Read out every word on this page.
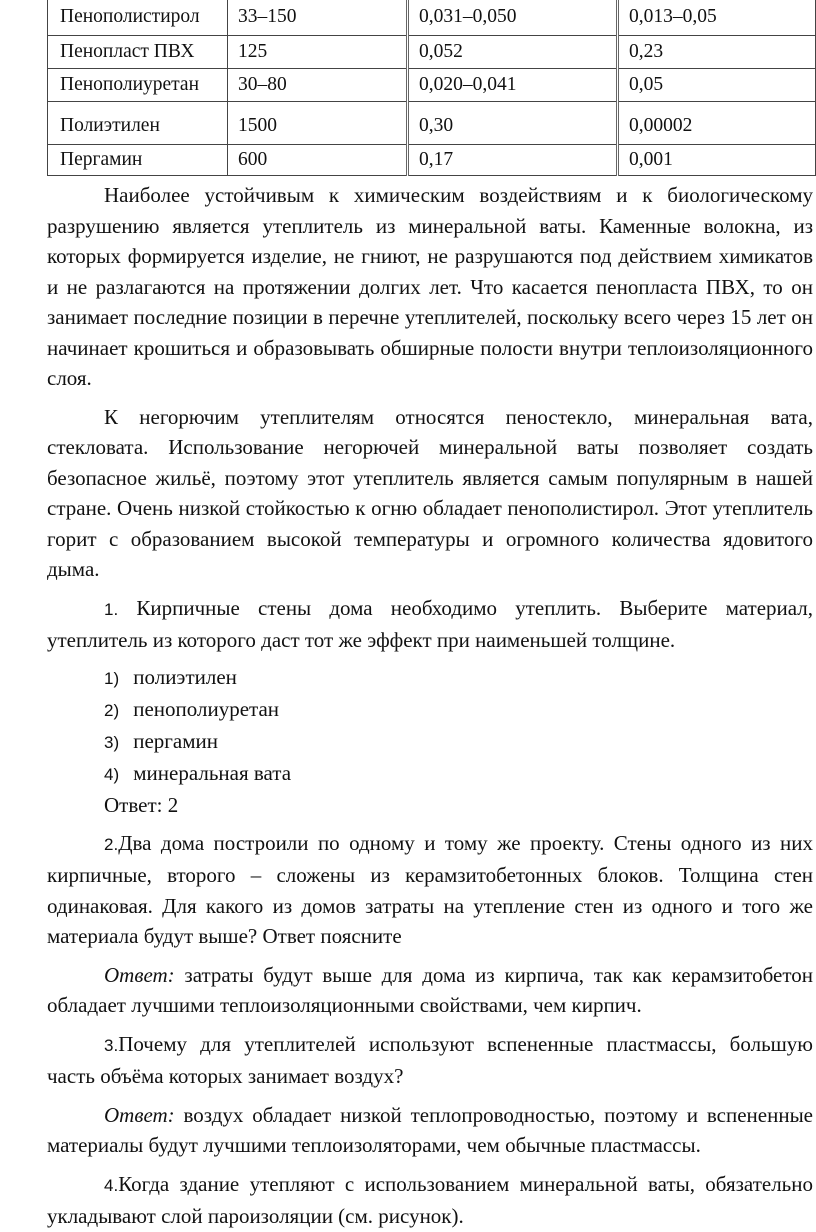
Пенополистирол	33–150	0,031–0,050	0,013–0,05
Пенопласт ПВХ	125	0,052	0,23
Пенополиуретан	30–80	0,020–0,041	0,05
Полиэтилен	1500	0,30	0,00002
Пергамин	600	0,17	0,001

Наиболее устойчивым к химическим воздействиям и к биологическому разрушению является утеплитель из минеральной ваты. Каменные волокна, из которых формируется изделие, не гниют, не разрушаются под действием химикатов и не разлагаются на протяжении долгих лет. Что касается пенопласта ПВХ, то он занимает последние позиции в перечне утеплителей, поскольку всего через 15 лет он начинает крошиться и образовывать обширные полости внутри теплоизоляционного слоя.

К негорючим утеплителям относятся пеностекло, минеральная вата, стекловата. Использование негорючей минеральной ваты позволяет создать безопасное жильё, поэтому этот утеплитель является самым популярным в нашей стране. Очень низкой стойкостью к огню обладает пенополистирол. Этот утеплитель горит с образованием высокой температуры и огромного количества ядовитого дыма.

1. Кирпичные стены дома необходимо утеплить. Выберите материал, утеплитель из которого даст тот же эффект при наименьшей толщине.

1) полиэтилен
2) пенополиуретан
3) пергамин
4) минеральная вата
Ответ: 2

2.Два дома построили по одному и тому же проекту. Стены одного из них кирпичные, второго – сложены из керамзитобетонных блоков. Толщина стен одинаковая. Для какого из домов затраты на утепление стен из одного и того же материала будут выше? Ответ поясните

Ответ: затраты будут выше для дома из кирпича, так как керамзитобетон обладает лучшими теплоизоляционными свойствами, чем кирпич.

3.Почему для утеплителей используют вспененные пластмассы, большую часть объёма которых занимает воздух?

Ответ: воздух обладает низкой теплопроводностью, поэтому и вспененные материалы будут лучшими теплоизоляторами, чем обычные пластмассы.

4.Когда здание утепляют с использованием минеральной ваты, обязательно укладывают слой пароизоляции (см. рисунок).
